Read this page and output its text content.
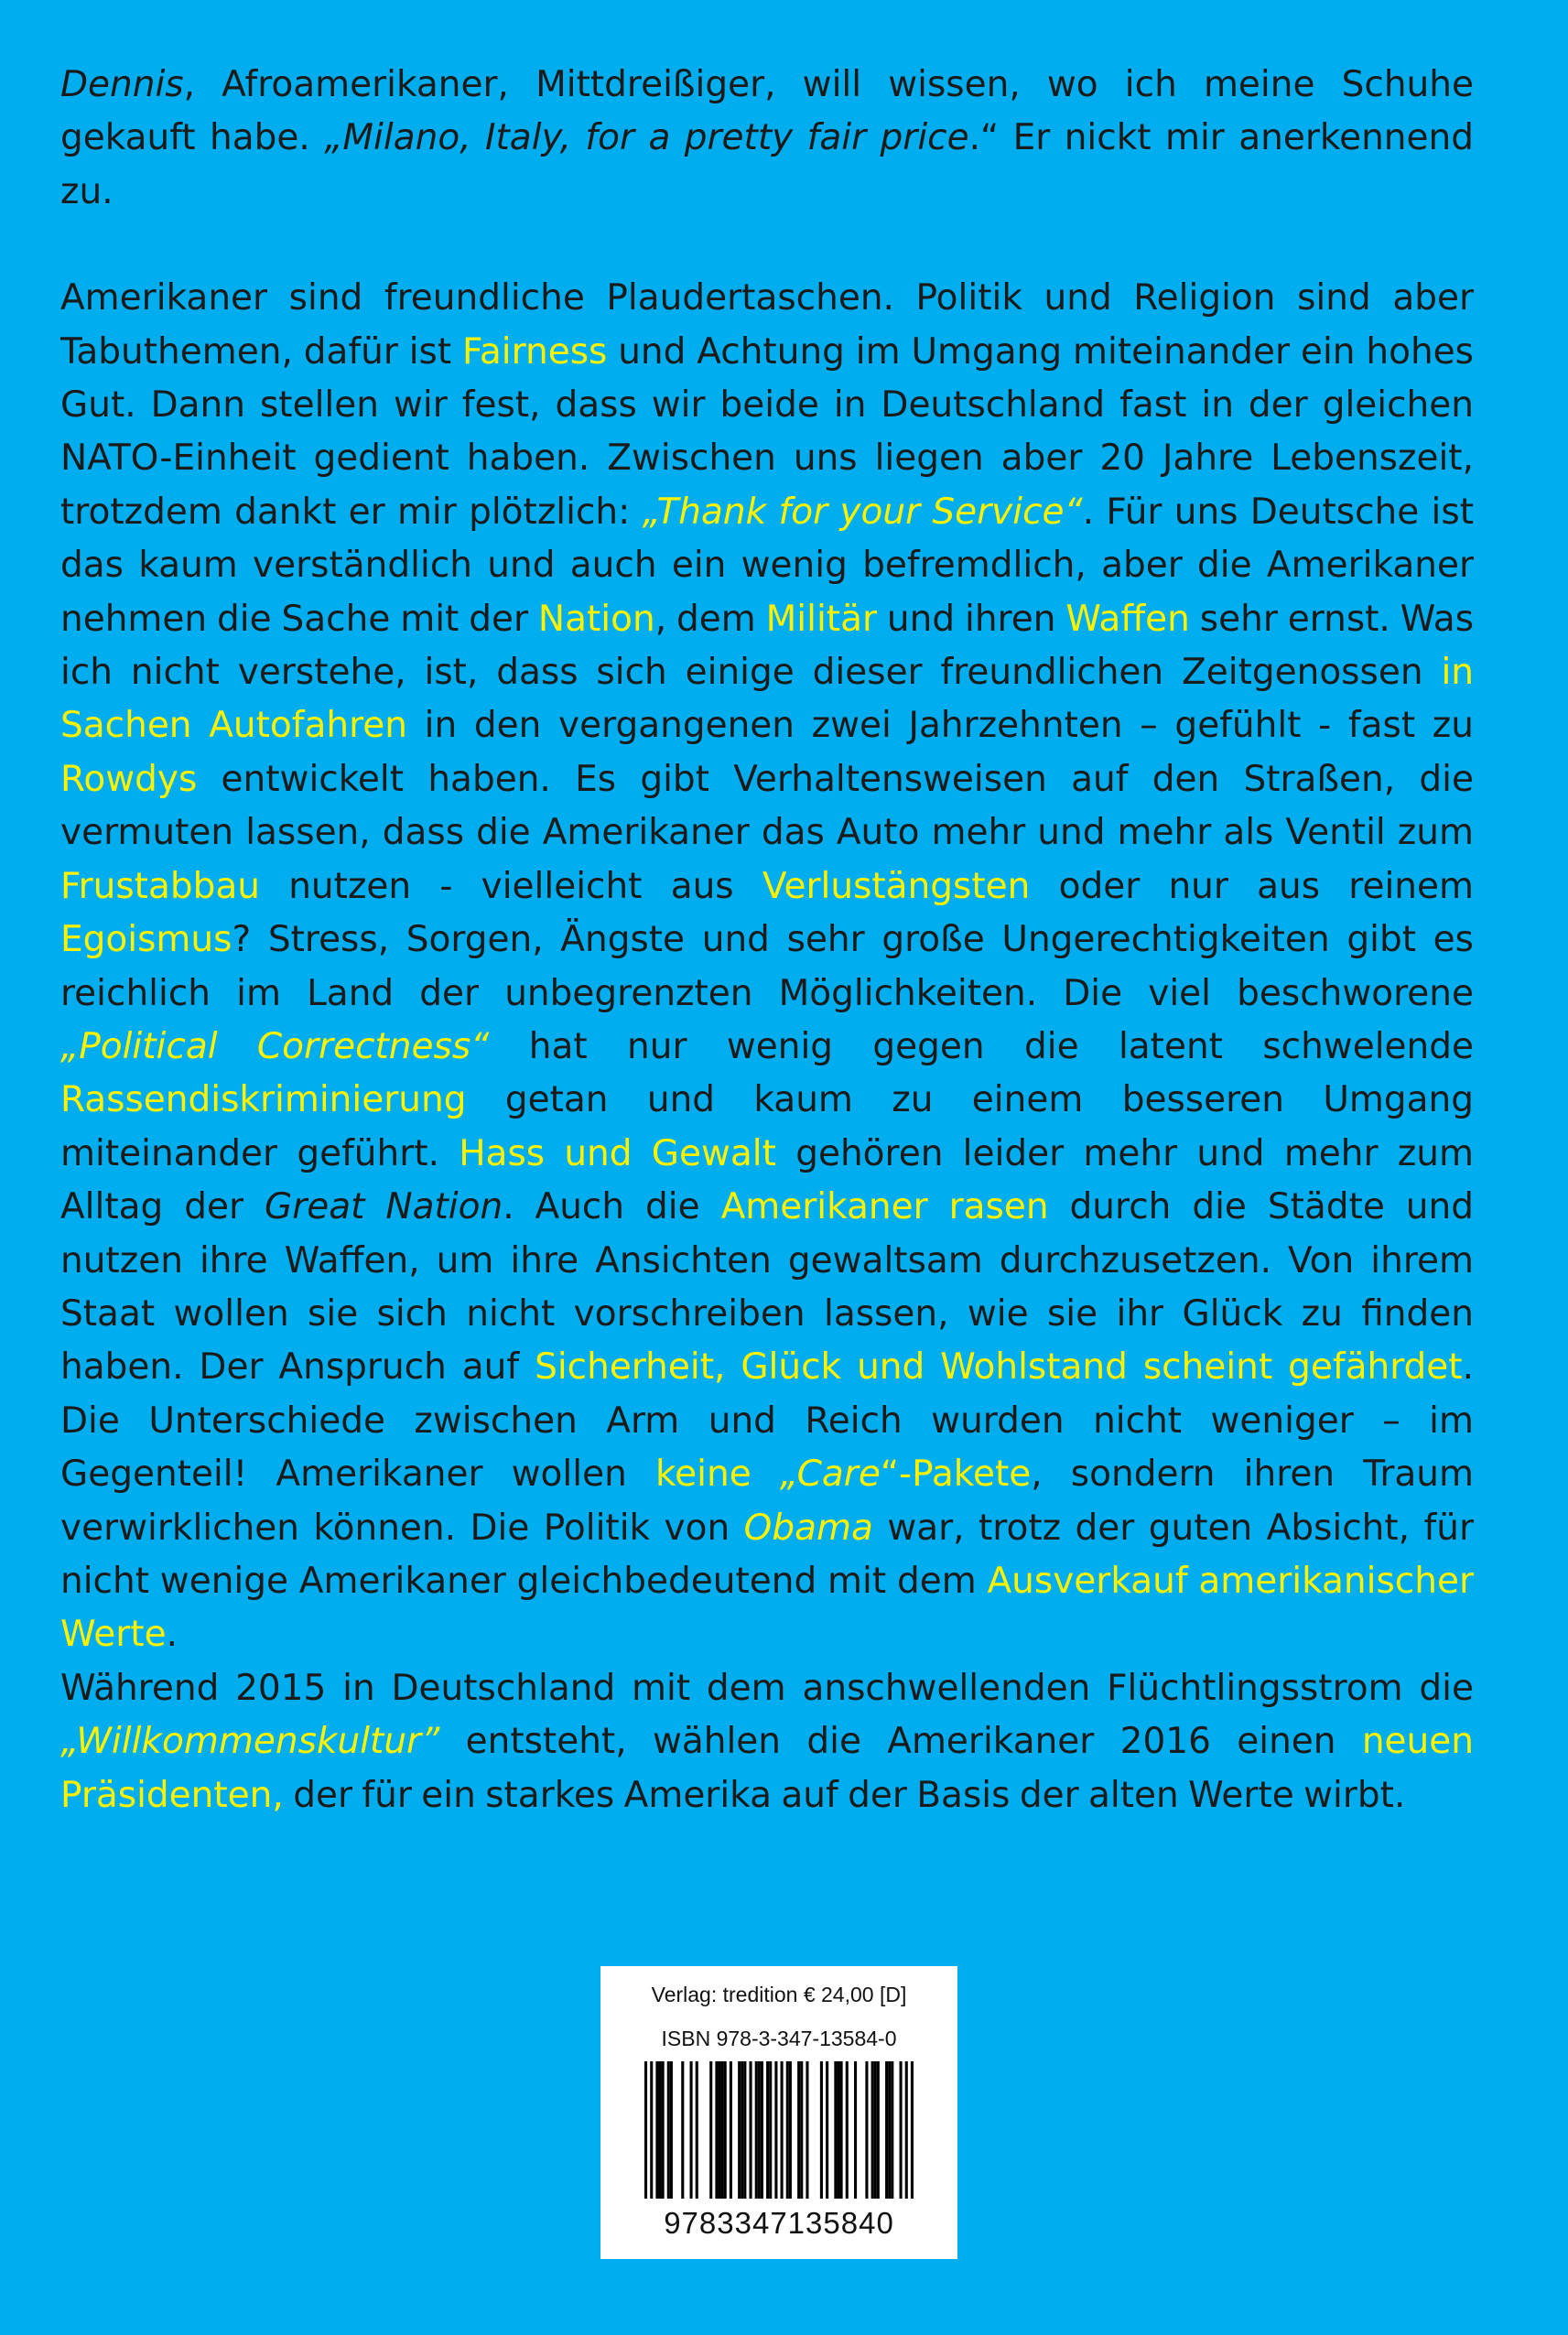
Dennis, Afroamerikaner, Mittdreißiger, will wissen, wo ich meine Schuhe gekauft habe. „Milano, Italy, for a pretty fair price.“ Er nickt mir anerkennend zu.

Amerikaner sind freundliche Plaudertaschen. Politik und Religion sind aber Tabuthemen, dafür ist Fairness und Achtung im Umgang miteinander ein hohes Gut. Dann stellen wir fest, dass wir beide in Deutschland fast in der gleichen NATO-Einheit gedient haben. Zwischen uns liegen aber 20 Jahre Lebenszeit, trotzdem dankt er mir plötzlich: „Thank for your Service“. Für uns Deutsche ist das kaum verständlich und auch ein wenig befremdlich, aber die Amerikaner nehmen die Sache mit der Nation, dem Militär und ihren Waffen sehr ernst. Was ich nicht verstehe, ist, dass sich einige dieser freundlichen Zeitgenossen in Sachen Autofahren in den vergangenen zwei Jahrzehnten – gefühlt - fast zu Rowdys entwickelt haben. Es gibt Verhaltensweisen auf den Straßen, die vermuten lassen, dass die Amerikaner das Auto mehr und mehr als Ventil zum Frustabbau nutzen - vielleicht aus Verlustängsten oder nur aus reinem Egoismus? Stress, Sorgen, Ängste und sehr große Ungerechtigkeiten gibt es reichlich im Land der unbegrenzten Möglichkeiten. Die viel beschworene „Political Correctness“ hat nur wenig gegen die latent schwelende Rassendiskriminierung getan und kaum zu einem besseren Umgang miteinander geführt. Hass und Gewalt gehören leider mehr und mehr zum Alltag der Great Nation. Auch die Amerikaner rasen durch die Städte und nutzen ihre Waffen, um ihre Ansichten gewaltsam durchzusetzen. Von ihrem Staat wollen sie sich nicht vorschreiben lassen, wie sie ihr Glück zu finden haben. Der Anspruch auf Sicherheit, Glück und Wohlstand scheint gefährdet. Die Unterschiede zwischen Arm und Reich wurden nicht weniger – im Gegenteil! Amerikaner wollen keine „Care“-Pakete, sondern ihren Traum verwirklichen können. Die Politik von Obama war, trotz der guten Absicht, für nicht wenige Amerikaner gleichbedeutend mit dem Ausverkauf amerikanischer Werte.

Während 2015 in Deutschland mit dem anschwellenden Flüchtlingsstrom die „Willkommenskultur” entsteht, wählen die Amerikaner 2016 einen neuen Präsidenten, der für ein starkes Amerika auf der Basis der alten Werte wirbt.

Verlag: tredition € 24,00 [D]
ISBN 978-3-347-13584-0
9783347135840
